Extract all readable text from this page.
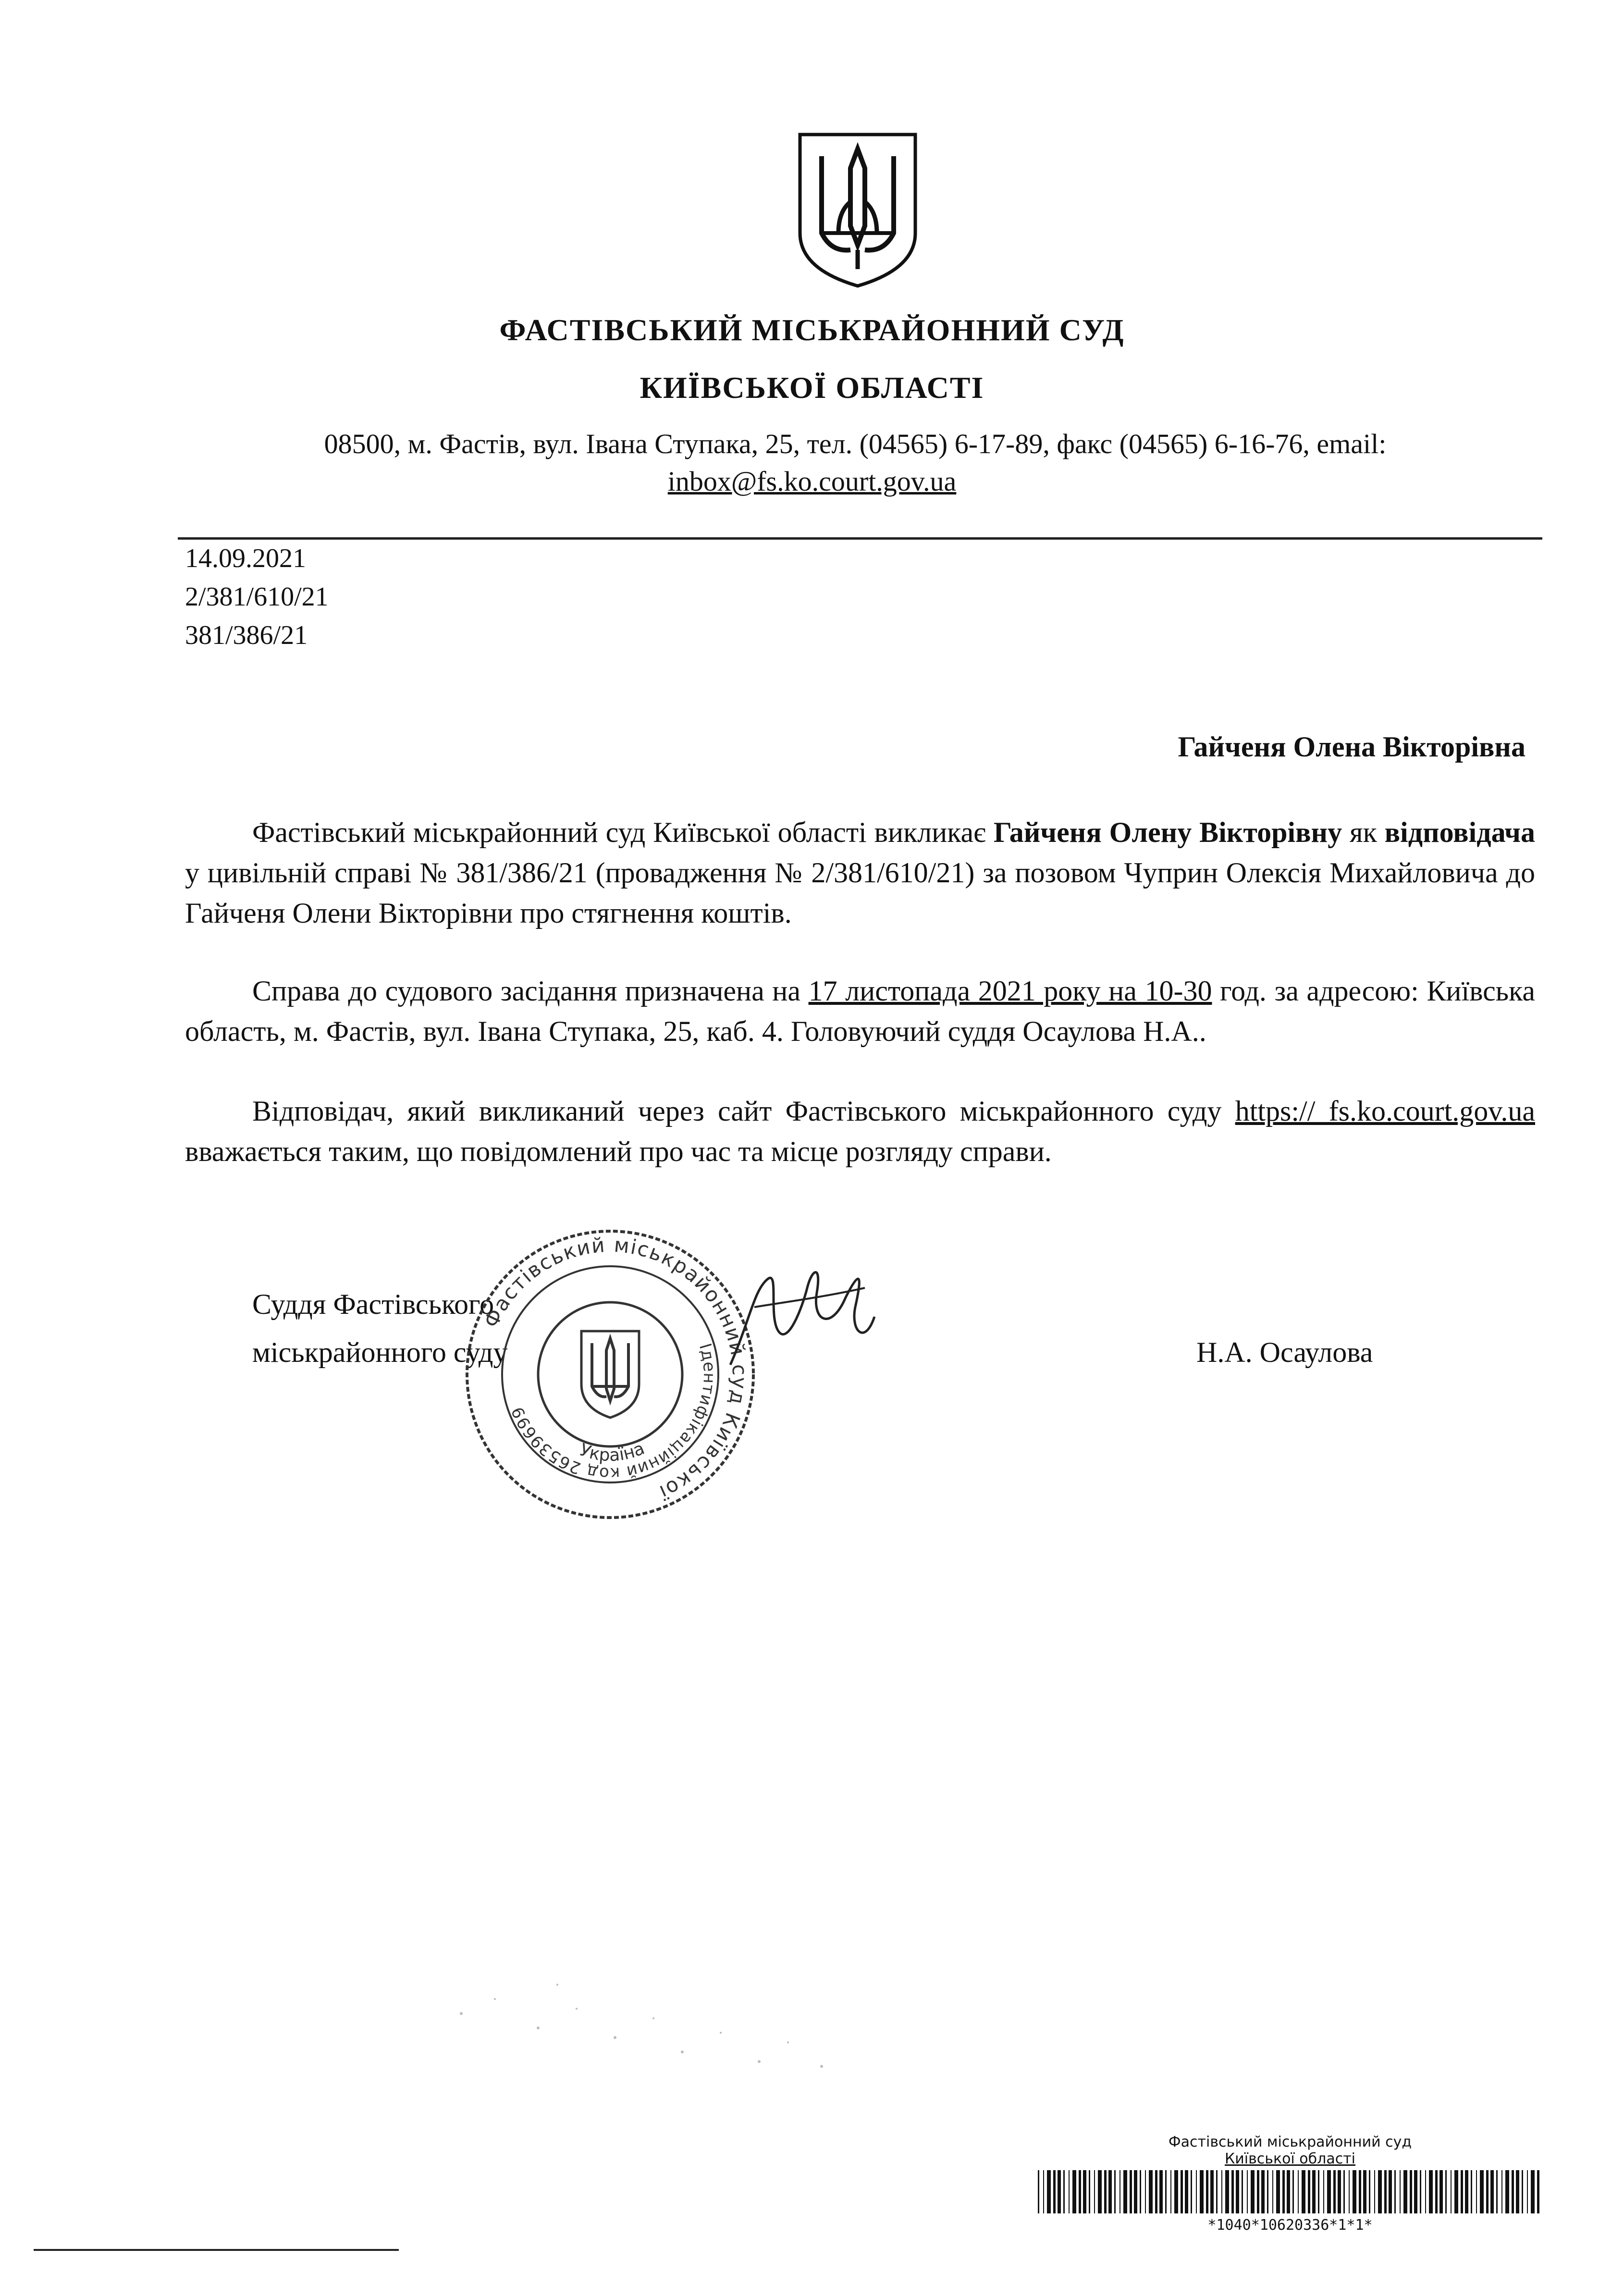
ФАСТІВСЬКИЙ МІСЬКРАЙОННИЙ СУД
КИЇВСЬКОЇ ОБЛАСТІ
08500, м. Фастів, вул. Івана Ступака, 25, тел. (04565) 6-17-89, факс (04565) 6-16-76, email:
inbox@fs.ko.court.gov.ua
14.09.2021
2/381/610/21
381/386/21
Гайченя Олена Вікторівна
Фастівський міськрайонний суд Київської області викликає Гайченя Олену Вікторівну як відповідача у цивільній справі № 381/386/21 (провадження № 2/381/610/21) за позовом Чуприн Олексія Михайловича до Гайченя Олени Вікторівни про стягнення коштів.
Справа до судового засідання призначена на 17 листопада 2021 року на 10-30 год. за адресою: Київська область, м. Фастів, вул. Івана Ступака, 25, каб. 4. Головуючий суддя Осаулова Н.А..
Відповідач, який викликаний через сайт Фастівського міськрайонного суду https:// fs.ko.court.gov.ua вважається таким, що повідомлений про час та місце розгляду справи.
Суддя Фастівського
міськрайонного суду	Н.А. Осаулова
Фастівський міськрайонний суд Київської
Ідентифікаційний код 26539699
Україна
Фастівський міськрайонний суд
Київської області
*1040*10620336*1*1*
